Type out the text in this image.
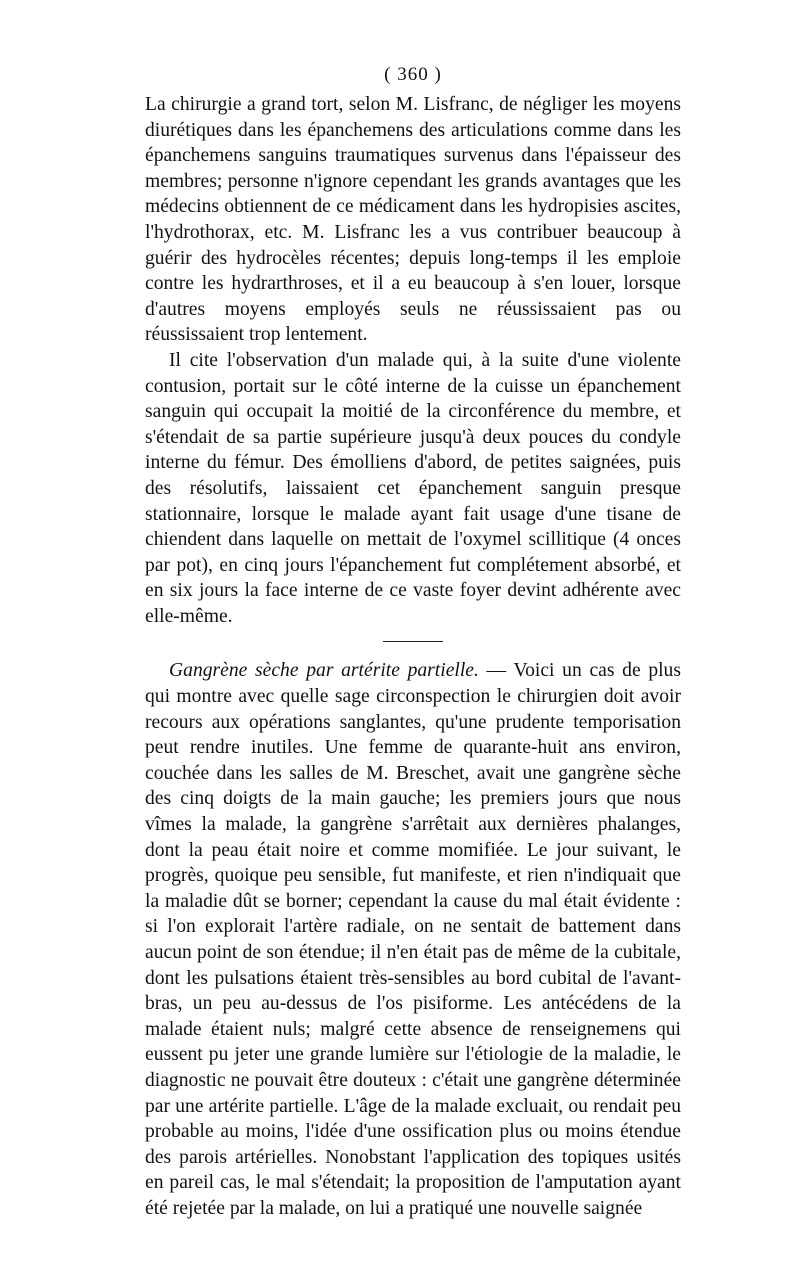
( 360 )

La chirurgie a grand tort, selon M. Lisfranc, de négliger les moyens diurétiques dans les épanchemens des articulations comme dans les épanchemens sanguins traumatiques survenus dans l'épaisseur des membres; personne n'ignore cependant les grands avantages que les médecins obtiennent de ce médicament dans les hydropisies ascites, l'hydrothorax, etc. M. Lisfranc les a vus contribuer beaucoup à guérir des hydrocèles récentes; depuis long-temps il les emploie contre les hydrarthroses, et il a eu beaucoup à s'en louer, lorsque d'autres moyens employés seuls ne réussissaient pas ou réussissaient trop lentement.

Il cite l'observation d'un malade qui, à la suite d'une violente contusion, portait sur le côté interne de la cuisse un épanchement sanguin qui occupait la moitié de la circonférence du membre, et s'étendait de sa partie supérieure jusqu'à deux pouces du condyle interne du fémur. Des émolliens d'abord, de petites saignées, puis des résolutifs, laissaient cet épanchement sanguin presque stationnaire, lorsque le malade ayant fait usage d'une tisane de chiendent dans laquelle on mettait de l'oxymel scillitique (4 onces par pot), en cinq jours l'épanchement fut complétement absorbé, et en six jours la face interne de ce vaste foyer devint adhérente avec elle-même.

Gangrène sèche par artérite partielle. — Voici un cas de plus qui montre avec quelle sage circonspection le chirurgien doit avoir recours aux opérations sanglantes, qu'une prudente temporisation peut rendre inutiles. Une femme de quarante-huit ans environ, couchée dans les salles de M. Breschet, avait une gangrène sèche des cinq doigts de la main gauche; les premiers jours que nous vîmes la malade, la gangrène s'arrêtait aux dernières phalanges, dont la peau était noire et comme momifiée. Le jour suivant, le progrès, quoique peu sensible, fut manifeste, et rien n'indiquait que la maladie dût se borner; cependant la cause du mal était évidente : si l'on explorait l'artère radiale, on ne sentait de battement dans aucun point de son étendue; il n'en était pas de même de la cubitale, dont les pulsations étaient très-sensibles au bord cubital de l'avant-bras, un peu au-dessus de l'os pisiforme. Les antécédens de la malade étaient nuls; malgré cette absence de renseignemens qui eussent pu jeter une grande lumière sur l'étiologie de la maladie, le diagnostic ne pouvait être douteux : c'était une gangrène déterminée par une artérite partielle. L'âge de la malade excluait, ou rendait peu probable au moins, l'idée d'une ossification plus ou moins étendue des parois artérielles. Nonobstant l'application des topiques usités en pareil cas, le mal s'étendait; la proposition de l'amputation ayant été rejetée par la malade, on lui a pratiqué une nouvelle saignée
